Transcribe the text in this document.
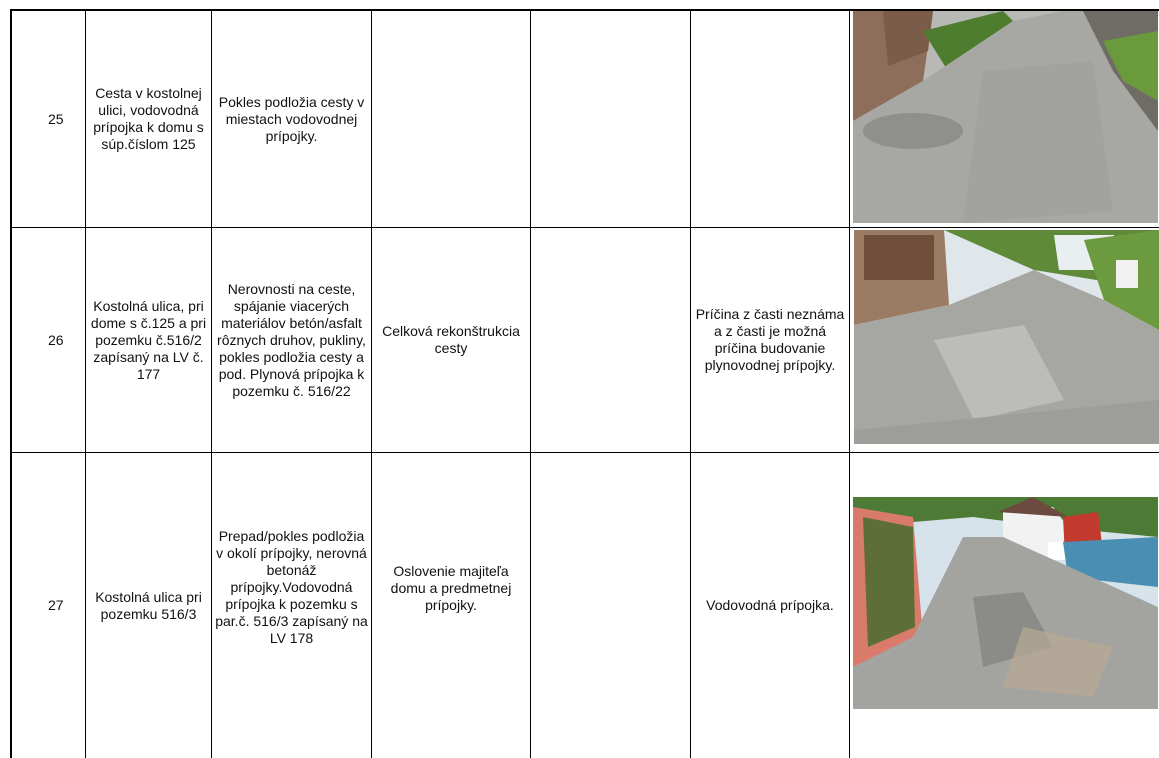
25
Cesta v kostolnej ulici, vodovodná prípojka k domu s súp.číslom 125
Pokles podložia cesty v miestach vodovodnej prípojky.
26
Kostolná ulica, pri dome s č.125 a pri pozemku č.516/2 zapísaný na LV č. 177
Nerovnosti na ceste, spájanie viacerých materiálov betón/asfalt rôznych druhov, pukliny, pokles podložia cesty a pod. Plynová prípojka k pozemku č. 516/22
Celková rekonštrukcia cesty
Príčina z časti neznáma a z časti je možná príčina budovanie plynovodnej prípojky.
27	Kostolná ulica pri pozemku 516/3
Prepad/pokles podložia v okolí prípojky, nerovná betonáž prípojky.Vodovodná prípojka k pozemku s par.č. 516/3 zapísaný na LV 178
Oslovenie majiteľa domu a predmetnej prípojky.	Vodovodná prípojka.
